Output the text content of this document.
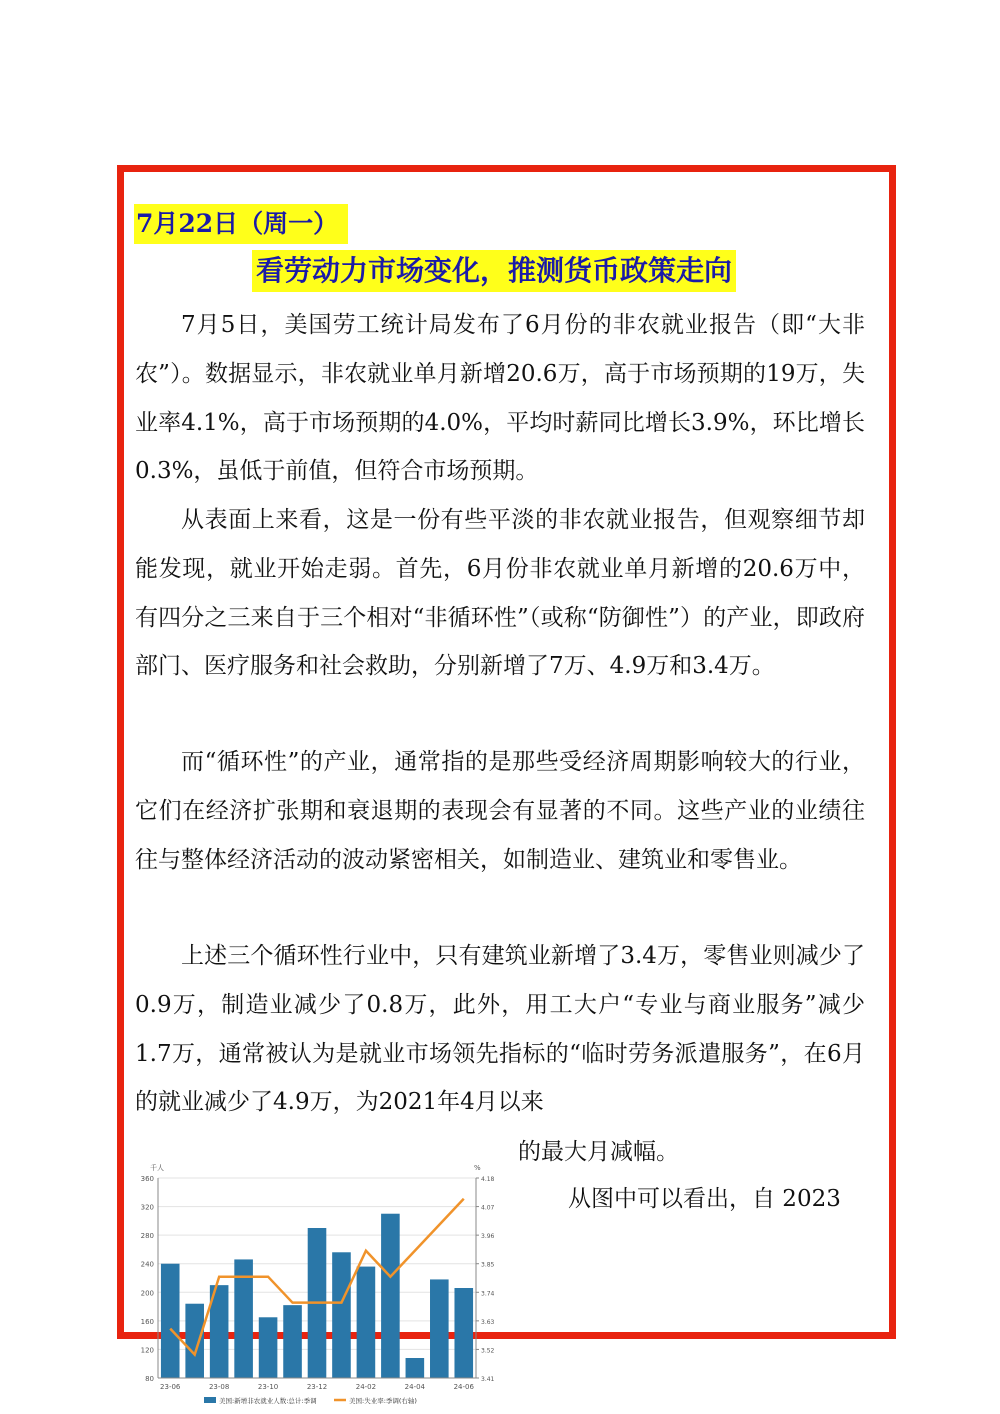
7月22日（周一）
看劳动力市场变化，推测货币政策走向

7月5日，美国劳工统计局发布了6月份的非农就业报告（即“大非农”）。数据显示，非农就业单月新增20.6万，高于市场预期的19万，失业率4.1%，高于市场预期的4.0%，平均时薪同比增长3.9%，环比增长0.3%，虽低于前值，但符合市场预期。

从表面上来看，这是一份有些平淡的非农就业报告，但观察细节却能发现，就业开始走弱。首先，6月份非农就业单月新增的20.6万中，有四分之三来自于三个相对“非循环性”（或称“防御性”）的产业，即政府部门、医疗服务和社会救助，分别新增了7万、4.9万和3.4万。

而“循环性”的产业，通常指的是那些受经济周期影响较大的行业，它们在经济扩张期和衰退期的表现会有显著的不同。这些产业的业绩往往与整体经济活动的波动紧密相关，如制造业、建筑业和零售业。

上述三个循环性行业中，只有建筑业新增了3.4万，零售业则减少了0.9万，制造业减少了0.8万，此外，用工大户“专业与商业服务”减少1.7万，通常被认为是就业市场领先指标的“临时劳务派遣服务”，在6月的就业减少了4.9万，为2021年4月以来

的最大月减幅。
从图中可以看出，自 2023
360
320
280
240
200
160
120
80
4.18
4.07
3.96
3.85
3.74
3.63
3.52
3.41
千人	%
23-06	23-08	23-10	23-12	24-02	24-04	24-06
美国:新增非农就业人数:总计:季调	美国:失业率:季调(右轴)
